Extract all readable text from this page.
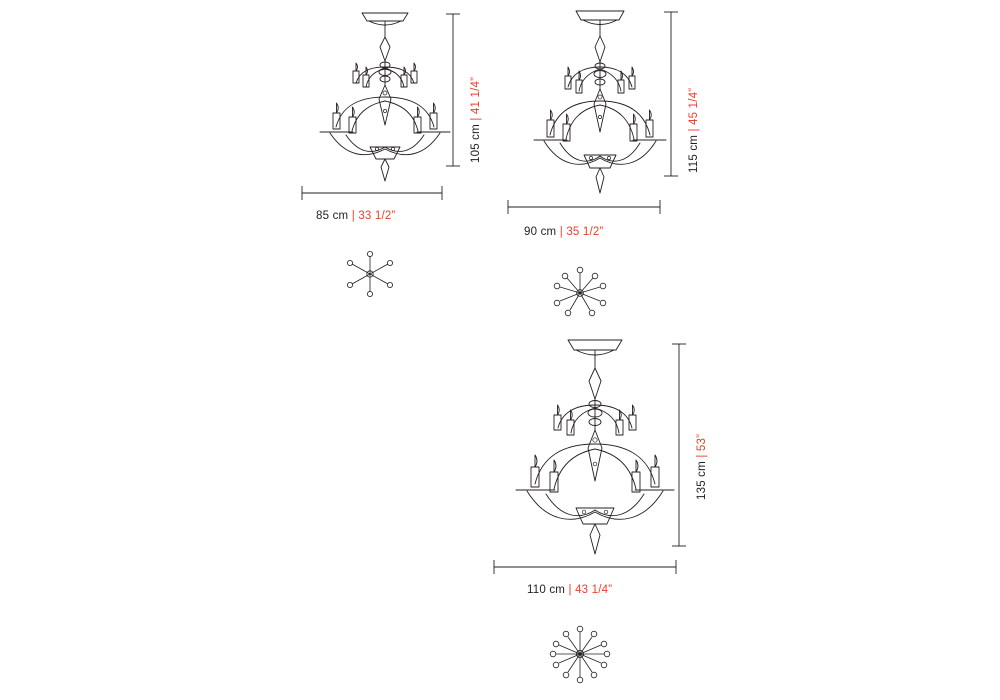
105 cm | 41 1/4”
85 cm | 33 1/2”
115 cm | 45 1/4”
90 cm | 35 1/2”
135 cm | 53”
110 cm | 43 1/4”
